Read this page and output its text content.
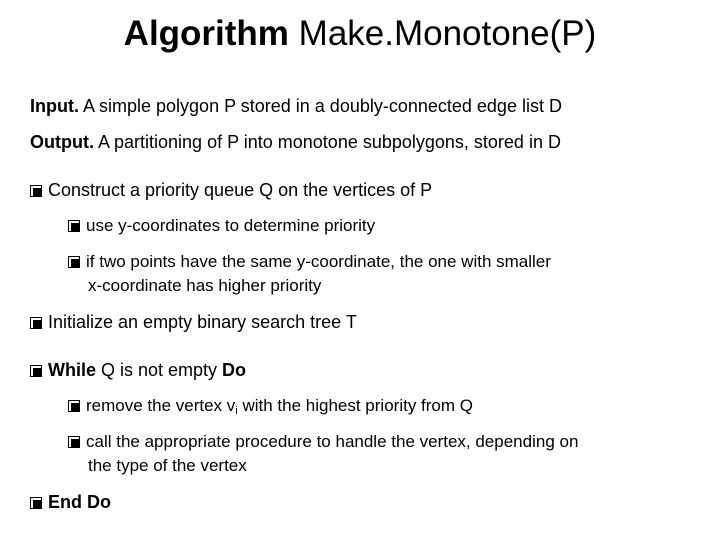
Algorithm Make.Monotone(P)
Input. A simple polygon P stored in a doubly-connected edge list D
Output. A partitioning of P into monotone subpolygons, stored in D
Construct a priority queue Q on the vertices of P
use y-coordinates to determine priority
if two points have the same y-coordinate, the one with smaller
x-coordinate has higher priority
Initialize an empty binary search tree T
While Q is not empty Do
remove the vertex vi with the highest priority from Q
call the appropriate procedure to handle the vertex, depending on
the type of the vertex
End Do
